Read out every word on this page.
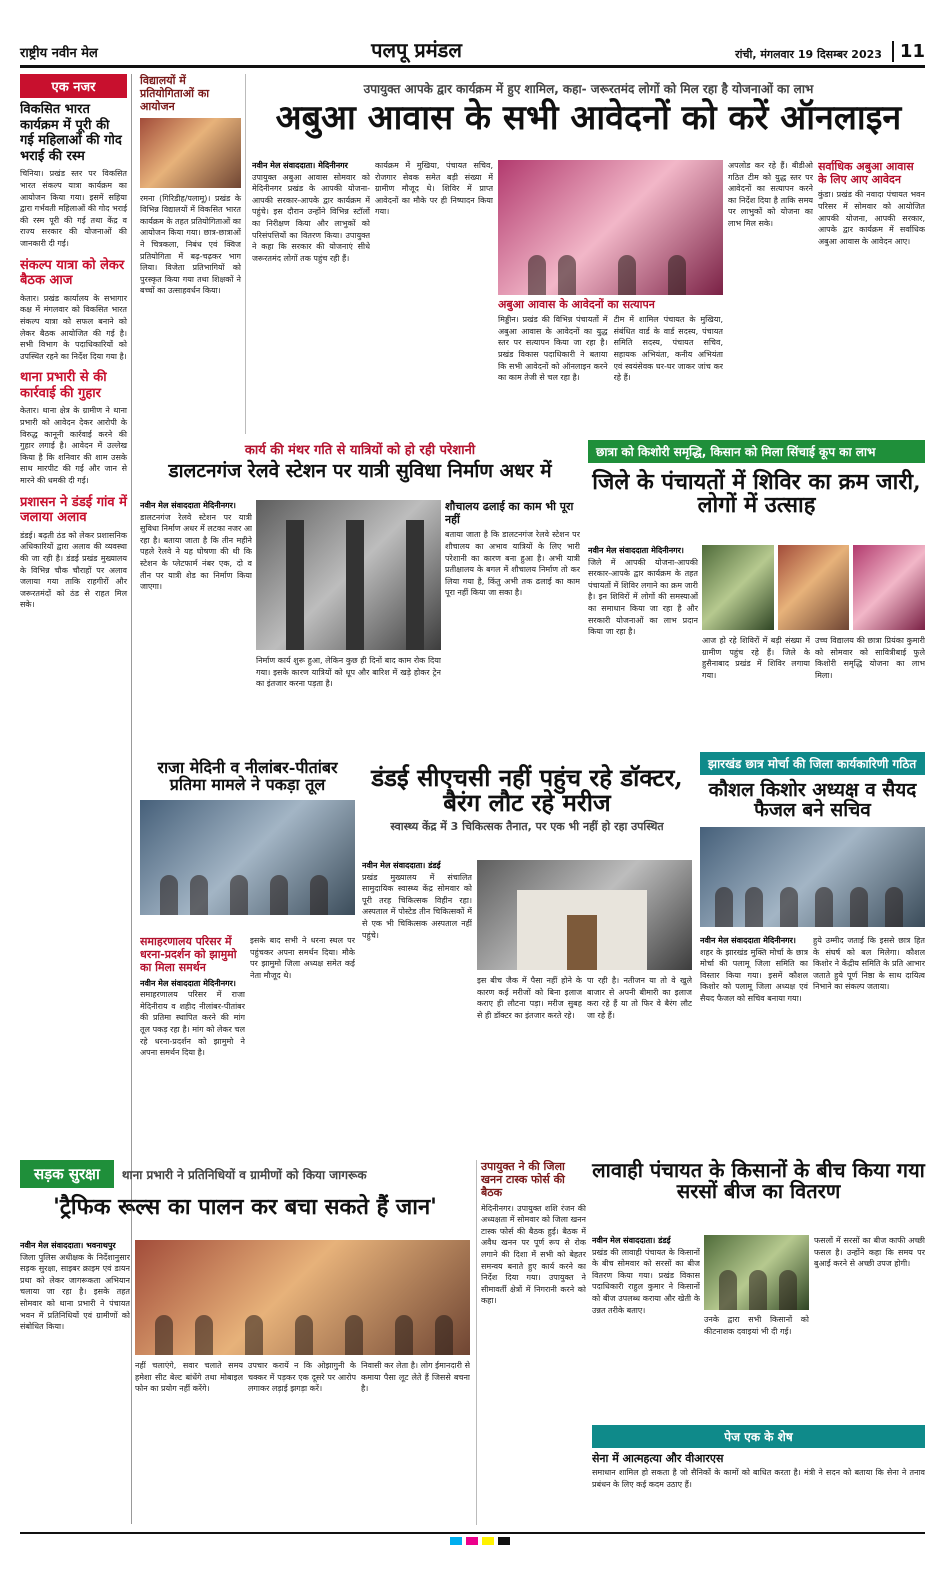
राष्ट्रीय नवीन मेल	पलपू प्रमंडल	रांची, मंगलवार 19 दिसम्बर 2023	11
एक नजर
विकसित भारत कार्यक्रम में पूरी की गई महिलाओं की गोद भराई की रस्म
चिनिया। प्रखंड स्तर पर विकसित भारत संकल्प यात्रा कार्यक्रम का आयोजन किया गया। इसमें सहिया द्वारा गर्भवती महिलाओं की गोद भराई की रस्म पूरी की गई तथा केंद्र व राज्य सरकार की योजनाओं की जानकारी दी गई।
संकल्प यात्रा को लेकर बैठक आज
केतार। प्रखंड कार्यालय के सभागार कक्ष में मंगलवार को विकसित भारत संकल्प यात्रा को सफल बनाने को लेकर बैठक आयोजित की गई है। सभी विभाग के पदाधिकारियों को उपस्थित रहने का निर्देश दिया गया है।
थाना प्रभारी से की कार्रवाई की गुहार
केतार। थाना क्षेत्र के ग्रामीण ने थाना प्रभारी को आवेदन देकर आरोपी के विरुद्ध कानूनी कार्रवाई करने की गुहार लगाई है। आवेदन में उल्लेख किया है कि शनिवार की शाम उसके साथ मारपीट की गई और जान से मारने की धमकी दी गई।
प्रशासन ने डंडई गांव में जलाया अलाव
डंडई। बढ़ती ठंड को लेकर प्रशासनिक अधिकारियों द्वारा अलाव की व्यवस्था की जा रही है। डंडई प्रखंड मुख्यालय के विभिन्न चौक चौराहों पर अलाव जलाया गया ताकि राहगीरों और जरूरतमंदों को ठंड से राहत मिल सके।
विद्यालयों में प्रतियोगिताओं का आयोजन
रमना (गिरिडीह/पलामू)। प्रखंड के विभिन्न विद्यालयों में विकसित भारत कार्यक्रम के तहत प्रतियोगिताओं का आयोजन किया गया। छात्र-छात्राओं ने चित्रकला, निबंध एवं क्विज प्रतियोगिता में बढ़-चढ़कर भाग लिया। विजेता प्रतिभागियों को पुरस्कृत किया गया तथा शिक्षकों ने बच्चों का उत्साहवर्धन किया।
उपायुक्त आपके द्वार कार्यक्रम में हुए शामिल, कहा- जरूरतमंद लोगों को मिल रहा है योजनाओं का लाभ
अबुआ आवास के सभी आवेदनों को करें ऑनलाइन
नवीन मेल संवाददाता। मेदिनीनगर
उपायुक्त अबुआ आवास सोमवार को मेदिनीनगर प्रखंड के आपकी योजना-आपकी सरकार-आपके द्वार कार्यक्रम में पहुंचे। इस दौरान उन्होंने विभिन्न स्टॉलों का निरीक्षण किया और लाभुकों को परिसंपत्तियों का वितरण किया। उपायुक्त ने कहा कि सरकार की योजनाएं सीधे जरूरतमंद लोगों तक पहुंच रही हैं।
कार्यक्रम में मुखिया, पंचायत सचिव, रोजगार सेवक समेत बड़ी संख्या में ग्रामीण मौजूद थे। शिविर में प्राप्त आवेदनों का मौके पर ही निष्पादन किया गया।
अबुआ आवास के आवेदनों का सत्यापन
मिड्डीन। प्रखंड की विभिन्न पंचायतों में अबुआ आवास के आवेदनों का युद्ध स्तर पर सत्यापन किया जा रहा है। प्रखंड विकास पदाधिकारी ने बताया कि सभी आवेदनों को ऑनलाइन करने का काम तेजी से चल रहा है।
टीम में शामिल पंचायत के मुखिया, संबंधित वार्ड के वार्ड सदस्य, पंचायत समिति सदस्य, पंचायत सचिव, सहायक अभियंता, कनीय अभियंता एवं स्वयंसेवक घर-घर जाकर जांच कर रहे हैं।
अपलोड कर रहे हैं। बीडीओ गठित टीम को युद्ध स्तर पर आवेदनों का सत्यापन करने का निर्देश दिया है ताकि समय पर लाभुकों को योजना का लाभ मिल सके।
सर्वाधिक अबुआ आवास के लिए आए आवेदन
कुंडा। प्रखंड की नवादा पंचायत भवन परिसर में सोमवार को आयोजित आपकी योजना, आपकी सरकार, आपके द्वार कार्यक्रम में सर्वाधिक अबुआ आवास के आवेदन आए।
कार्य की मंथर गति से यात्रियों को हो रही परेशानी
डालटनगंज रेलवे स्टेशन पर यात्री सुविधा निर्माण अधर में
नवीन मेल संवाददाता मेदिनीनगर।
डालटनगंज रेलवे स्टेशन पर यात्री सुविधा निर्माण अधर में लटका नजर आ रहा है। बताया जाता है कि तीन महीने पहले रेलवे ने यह घोषणा की थी कि स्टेशन के प्लेटफार्म नंबर एक, दो व तीन पर यात्री शेड का निर्माण किया जाएगा।
निर्माण कार्य शुरू हुआ, लेकिन कुछ ही दिनों बाद काम रोक दिया गया। इसके कारण यात्रियों को धूप और बारिश में खड़े होकर ट्रेन का इंतजार करना पड़ता है।
शौचालय ढलाई का काम भी पूरा नहीं
बताया जाता है कि डालटनगंज रेलवे स्टेशन पर शौचालय का अभाव यात्रियों के लिए भारी परेशानी का कारण बना हुआ है। अभी यात्री प्रतीक्षालय के बगल में शौचालय निर्माण तो कर लिया गया है, किंतु अभी तक ढलाई का काम पूरा नहीं किया जा सका है।
छात्रा को किशोरी समृद्धि, किसान को मिला सिंचाई कूप का लाभ
जिले के पंचायतों में शिविर का क्रम जारी, लोगों में उत्साह
नवीन मेल संवाददाता मेदिनीनगर।
जिले में आपकी योजना-आपकी सरकार-आपके द्वार कार्यक्रम के तहत पंचायतों में शिविर लगाने का क्रम जारी है। इन शिविरों में लोगों की समस्याओं का समाधान किया जा रहा है और सरकारी योजनाओं का लाभ प्रदान किया जा रहा है।
आज हो रहे शिविरों में बड़ी संख्या में ग्रामीण पहुंच रहे हैं। जिले के हुसैनाबाद प्रखंड में शिविर लगाया गया।
उच्च विद्यालय की छात्रा प्रियंका कुमारी को सोमवार को सावित्रीबाई फुले किशोरी समृद्धि योजना का लाभ मिला।
राजा मेदिनी व नीलांबर-पीतांबर प्रतिमा मामले ने पकड़ा तूल
समाहरणालय परिसर में धरना-प्रदर्शन को झामुमो का मिला समर्थन
नवीन मेल संवाददाता मेदिनीनगर।
समाहरणालय परिसर में राजा मेदिनीराय व शहीद नीलांबर-पीतांबर की प्रतिमा स्थापित करने की मांग तूल पकड़ रहा है। मांग को लेकर चल रहे धरना-प्रदर्शन को झामुमो ने अपना समर्थन दिया है।
इसके बाद सभी ने धरना स्थल पर पहुंचकर अपना समर्थन दिया। मौके पर झामुमो जिला अध्यक्ष समेत कई नेता मौजूद थे।
डंडई सीएचसी नहीं पहुंच रहे डॉक्टर, बैरंग लौट रहे मरीज
स्वास्थ्य केंद्र में 3 चिकित्सक तैनात, पर एक भी नहीं हो रहा उपस्थित
नवीन मेल संवाददाता। डंडई
प्रखंड मुख्यालय में संचालित सामुदायिक स्वास्थ्य केंद्र सोमवार को पूरी तरह चिकित्सक विहीन रहा। अस्पताल में पोस्टेड तीन चिकित्सकों में से एक भी चिकित्सक अस्पताल नहीं पहुंचे।
इस बीच जैक में पैसा नहीं होने के कारण कई मरीजों को बिना इलाज कराए ही लौटना पड़ा। मरीज सुबह से ही डॉक्टर का इंतजार करते रहे।
पा रही है। नतीजन या तो वे खुले बाजार से अपनी बीमारी का इलाज करा रहे हैं या तो फिर वे बैरंग लौट जा रहे हैं।
झारखंड छात्र मोर्चा की जिला कार्यकारिणी गठित
कौशल किशोर अध्यक्ष व सैयद फैजल बने सचिव
नवीन मेल संवाददाता मेदिनीनगर।
शहर के झारखंड मुक्ति मोर्चा के छात्र मोर्चा की पलामू जिला समिति का विस्तार किया गया। इसमें कौशल किशोर को पलामू जिला अध्यक्ष एवं सैयद फैजल को सचिव बनाया गया।
हुये उम्मीद जताई कि इससे छात्र हित के संघर्ष को बल मिलेगा। कौशल किशोर ने केंद्रीय समिति के प्रति आभार जताते हुये पूर्ण निष्ठा के साथ दायित्व निभाने का संकल्प जताया।
सड़क सुरक्षा	थाना प्रभारी ने प्रतिनिधियों व ग्रामीणों को किया जागरूक
'ट्रैफिक रूल्स का पालन कर बचा सकते हैं जान'
नवीन मेल संवाददाता। भवनाथपुर
जिला पुलिस अधीक्षक के निर्देशानुसार सड़क सुरक्षा, साइबर क्राइम एवं डायन प्रथा को लेकर जागरूकता अभियान चलाया जा रहा है। इसके तहत सोमवार को थाना प्रभारी ने पंचायत भवन में प्रतिनिधियों एवं ग्रामीणों को संबोधित किया।
नहीं चलाएंगे, सवार चलाते समय हमेशा सीट बेल्ट बांधेंगे तथा मोबाइल फोन का प्रयोग नहीं करेंगे।
उपचार करायें न कि ओझागुनी के चक्कर में पड़कर एक दूसरे पर आरोप लगाकर लड़ाई झगड़ा करें।
निवासी कर लेता है। लोग ईमानदारी से कमाया पैसा लूट लेते हैं जिससे बचना है।
उपायुक्त ने की जिला खनन टास्क फोर्स की बैठक
मेदिनीनगर। उपायुक्त शशि रंजन की अध्यक्षता में सोमवार को जिला खनन टास्क फोर्स की बैठक हुई। बैठक में अवैध खनन पर पूर्ण रूप से रोक लगाने की दिशा में सभी को बेहतर समन्वय बनाते हुए कार्य करने का निर्देश दिया गया। उपायुक्त ने सीमावर्ती क्षेत्रों में निगरानी करने को कहा।
लावाही पंचायत के किसानों के बीच किया गया सरसों बीज का वितरण
नवीन मेल संवाददाता। डंडई
प्रखंड की लावाही पंचायत के किसानों के बीच सोमवार को सरसों का बीज वितरण किया गया। प्रखंड विकास पदाधिकारी राहुल कुमार ने किसानों को बीज उपलब्ध कराया और खेती के उन्नत तरीके बताए।
उनके द्वारा सभी किसानों को कीटनाशक दवाइयां भी दी गई।
फसलों में सरसों का बीज काफी अच्छी फसल है। उन्होंने कहा कि समय पर बुआई करने से अच्छी उपज होगी।
पेज एक के शेष
सेना में आत्महत्या और वीआरएस
समाधान शामिल हो सकता है जो सैनिकों के कामों को बाधित करता है। मंत्री ने सदन को बताया कि सेना ने तनाव प्रबंधन के लिए कई कदम उठाए हैं।
